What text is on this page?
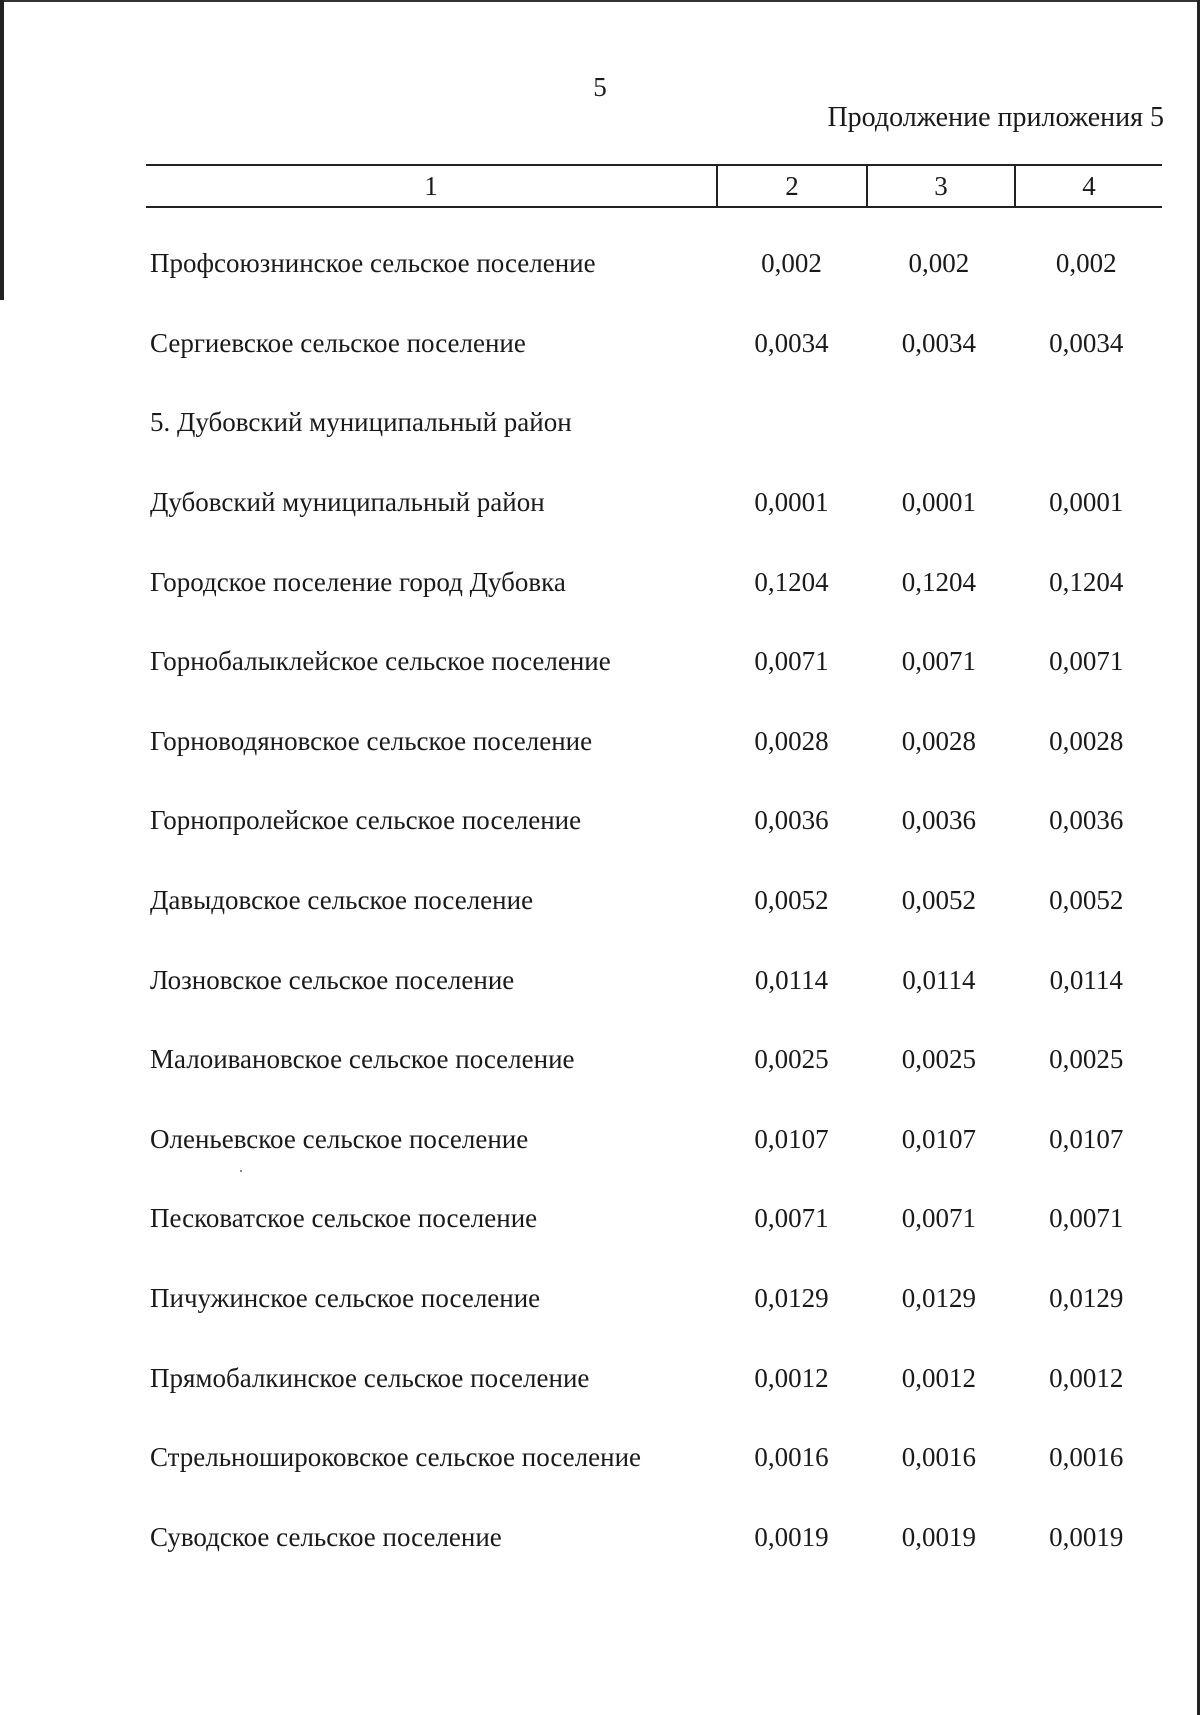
5
Продолжение приложения 5
1	2	3	4
Профсоюзнинское сельское поселение	0,002	0,002	0,002
Сергиевское сельское поселение	0,0034	0,0034	0,0034
5. Дубовский муниципальный район
Дубовский муниципальный район	0,0001	0,0001	0,0001
Городское поселение город Дубовка	0,1204	0,1204	0,1204
Горнобалыклейское сельское поселение	0,0071	0,0071	0,0071
Горноводяновское сельское поселение	0,0028	0,0028	0,0028
Горнопролейское сельское поселение	0,0036	0,0036	0,0036
Давыдовское сельское поселение	0,0052	0,0052	0,0052
Лозновское сельское поселение	0,0114	0,0114	0,0114
Малоивановское сельское поселение	0,0025	0,0025	0,0025
Оленьевское сельское поселение	0,0107	0,0107	0,0107
Песковатское сельское поселение	0,0071	0,0071	0,0071
Пичужинское сельское поселение	0,0129	0,0129	0,0129
Прямобалкинское сельское поселение	0,0012	0,0012	0,0012
Стрельноширoковское сельское поселение	0,0016	0,0016	0,0016
Суводское сельское поселение	0,0019	0,0019	0,0019
